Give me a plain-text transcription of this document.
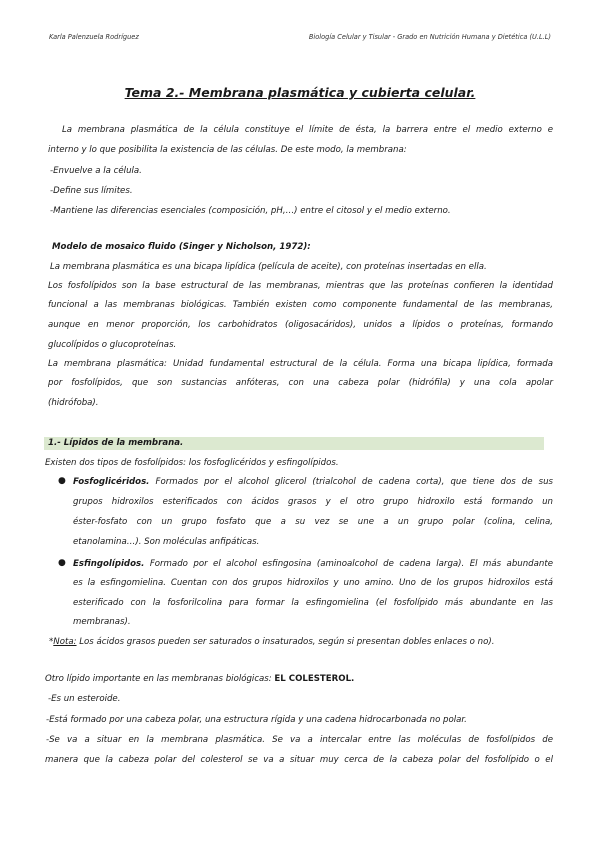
Karla Palenzuela Rodríguez	Biología Celular y Tisular - Grado en Nutrición Humana y Dietética (U.L.L)
Tema 2.- Membrana plasmática y cubierta celular.
La membrana plasmática de la célula constituye el límite de ésta, la barrera entre el medio externo e
interno y lo que posibilita la existencia de las células. De este modo, la membrana:
-Envuelve a la célula.
-Define sus límites.
-Mantiene las diferencias esenciales (composición, pH,…) entre el citosol y el medio externo.
Modelo de mosaico fluido (Singer y Nicholson, 1972):
La membrana plasmática es una bicapa lipídica (película de aceite), con proteínas insertadas en ella.
Los fosfolípidos son la base estructural de las membranas, mientras que las proteínas confieren la identidad
funcional a las membranas biológicas. También existen como componente fundamental de las membranas,
aunque en menor proporción, los carbohidratos (oligosacáridos), unidos a lípidos o proteínas, formando
glucolípidos o glucoproteínas.
La membrana plasmática: Unidad fundamental estructural de la célula. Forma una bicapa lipídica, formada
por fosfolípidos, que son sustancias anfóteras, con una cabeza polar (hidrófila) y una cola apolar
(hidrófoba).
1.- Lípidos de la membrana.
Existen dos tipos de fosfolípidos: los fosfoglicéridos y esfingolípidos.
● Fosfoglicéridos. Formados por el alcohol glicerol (trialcohol de cadena corta), que tiene dos de sus
grupos hidroxilos esterificados con ácidos grasos y el otro grupo hidroxilo está formando un
éster-fosfato con un grupo fosfato que a su vez se une a un grupo polar (colina, celina,
etanolamina…). Son moléculas anfipáticas.
● Esfingolípidos. Formado por el alcohol esfingosina (aminoalcohol de cadena larga). El más abundante
es la esfingomielina. Cuentan con dos grupos hidroxilos y uno amino. Uno de los grupos hidroxilos está
esterificado con la fosforilcolina para formar la esfingomielina (el fosfolípido más abundante en las
membranas).
*Nota: Los ácidos grasos pueden ser saturados o insaturados, según si presentan dobles enlaces o no).
Otro lípido importante en las membranas biológicas: EL COLESTEROL.
-Es un esteroide.
-Está formado por una cabeza polar, una estructura rígida y una cadena hidrocarbonada no polar.
-Se va a situar en la membrana plasmática. Se va a intercalar entre las moléculas de fosfolípidos de
manera que la cabeza polar del colesterol se va a situar muy cerca de la cabeza polar del fosfolípido o el
